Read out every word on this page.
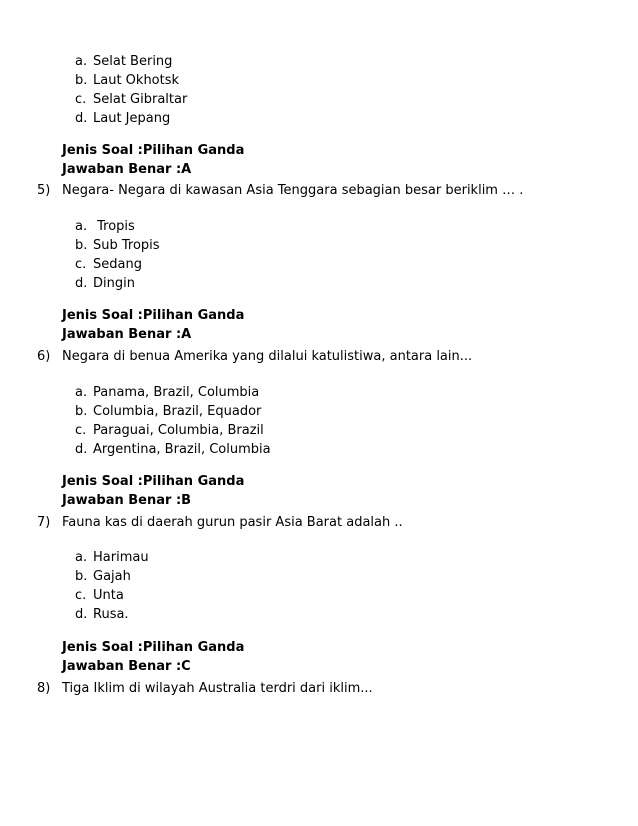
a. Selat Bering
b. Laut Okhotsk
c. Selat Gibraltar
d. Laut Jepang
Jenis Soal :Pilihan Ganda
Jawaban Benar :A
5) Negara- Negara di kawasan Asia Tenggara sebagian besar beriklim … .
a. Tropis
b. Sub Tropis
c. Sedang
d. Dingin
Jenis Soal :Pilihan Ganda
Jawaban Benar :A
6) Negara di benua Amerika yang dilalui katulistiwa, antara lain...
a. Panama, Brazil, Columbia
b. Columbia, Brazil, Equador
c. Paraguai, Columbia, Brazil
d. Argentina, Brazil, Columbia
Jenis Soal :Pilihan Ganda
Jawaban Benar :B
7) Fauna kas di daerah gurun pasir Asia Barat adalah ..
a. Harimau
b. Gajah
c. Unta
d. Rusa.
Jenis Soal :Pilihan Ganda
Jawaban Benar :C
8) Tiga Iklim di wilayah Australia terdri dari iklim...
